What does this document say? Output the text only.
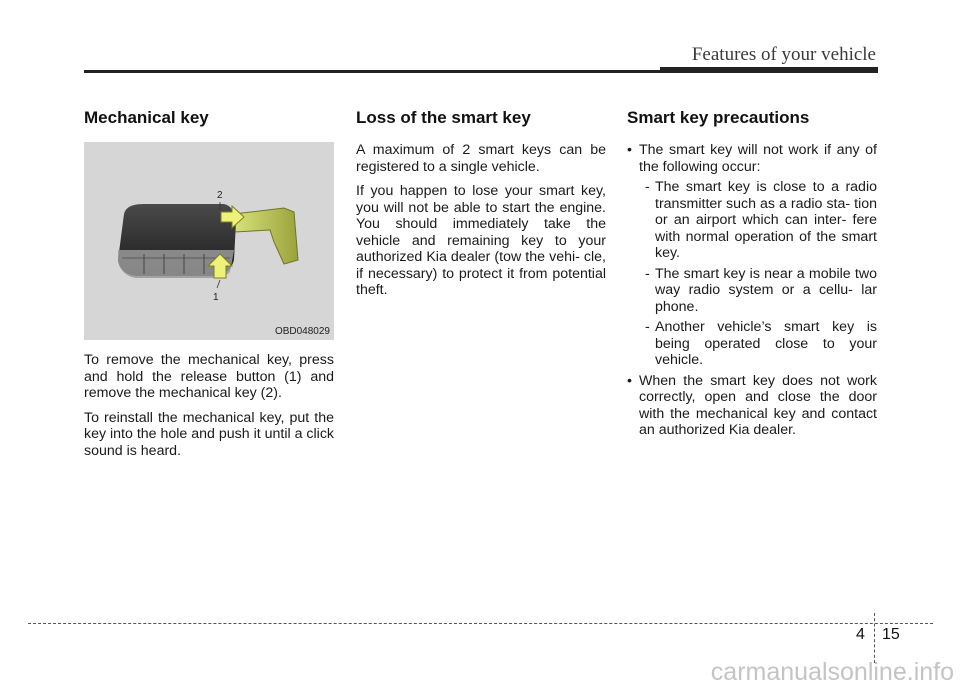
Features of your vehicle
Mechanical key
2
1
OBD048029

To remove the mechanical key, press and hold the release button (1) and remove the mechanical key (2).

To reinstall the mechanical key, put the key into the hole and push it until a click sound is heard.

Loss of the smart key

A maximum of 2 smart keys can be registered to a single vehicle.

If you happen to lose your smart key, you will not be able to start the engine. You should immediately take the vehicle and remaining key to your authorized Kia dealer (tow the vehi- cle, if necessary) to protect it from potential theft.

Smart key precautions
• The smart key will not work if any of the following occur:

- The smart key is close to a radio transmitter such as a radio sta- tion or an airport which can inter- fere with normal operation of the smart key.

- The smart key is near a mobile two way radio system or a cellu- lar phone.

- Another vehicle’s smart key is being operated close to your vehicle.

• When the smart key does not work correctly, open and close the door with the mechanical key and contact an authorized Kia dealer.

4 15
carmanualsonline.info
